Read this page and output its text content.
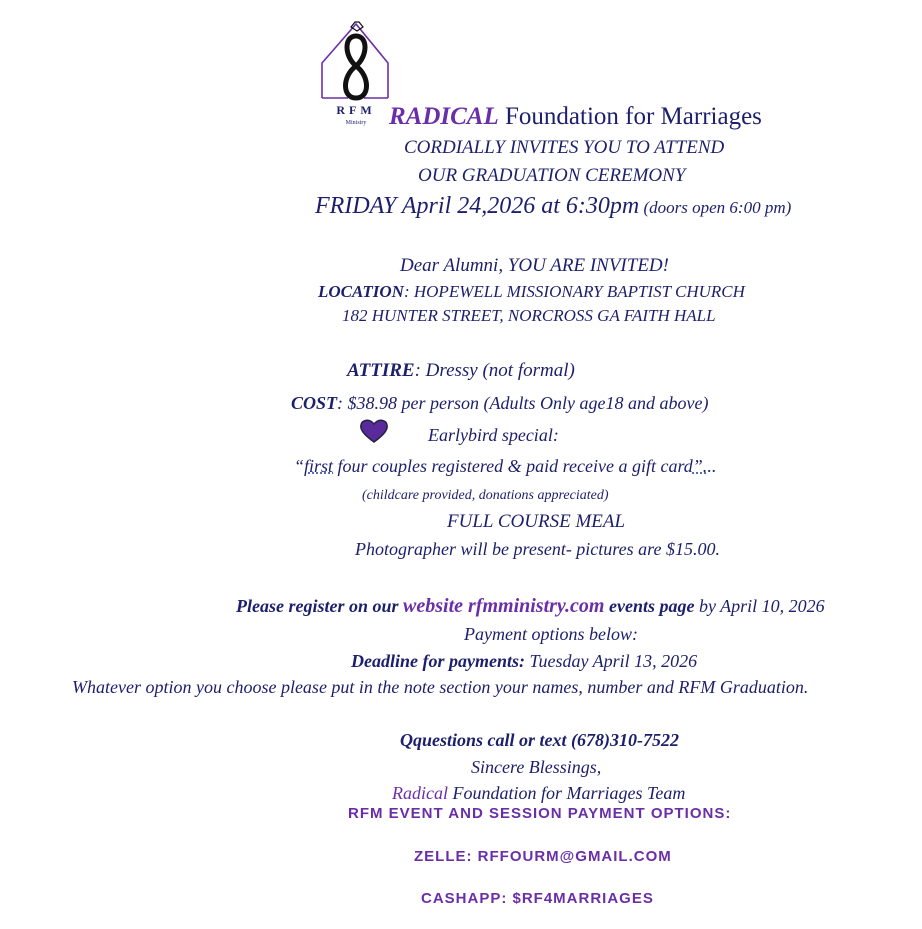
RFM
Ministry RADICAL Foundation for Marriages
CORDIALLY INVITES YOU TO ATTEND
OUR GRADUATION CEREMONY
FRIDAY April 24,2026 at 6:30pm (doors open 6:00 pm)
Dear Alumni, YOU ARE INVITED!
LOCATION: HOPEWELL MISSIONARY BAPTIST CHURCH
182 HUNTER STREET, NORCROSS GA FAITH HALL
ATTIRE: Dressy (not formal)
COST: $38.98 per person (Adults Only age18 and above)
Earlybird special:
“first four couples registered & paid receive a gift card”...
(childcare provided, donations appreciated)
FULL COURSE MEAL
Photographer will be present- pictures are $15.00.
Please register on our website rfmministry.com events page by April 10, 2026
Payment options below:
Deadline for payments: Tuesday April 13, 2026
Whatever option you choose please put in the note section your names, number and RFM Graduation.
Qquestions call or text (678)310-7522
Sincere Blessings,
Radical Foundation for Marriages Team
RFM EVENT AND SESSION PAYMENT OPTIONS:
ZELLE: RFFOURM@GMAIL.COM
CASHAPP: $RF4MARRIAGES
